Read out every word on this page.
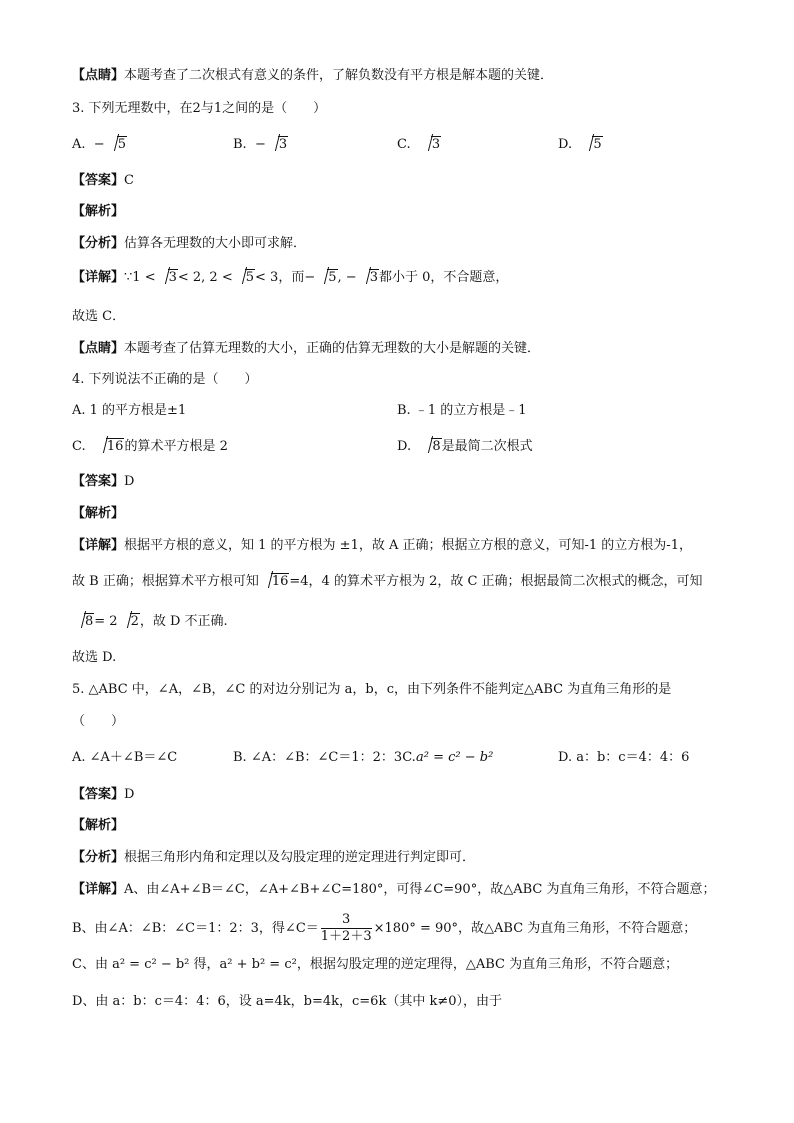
【点睛】本题考查了二次根式有意义的条件，了解负数没有平方根是解本题的关键．
3. 下列无理数中，在2与1之间的是（　　）
A. − 5	B. − 3	C. 3	D. 5
【答案】C
【解析】
【分析】估算各无理数的大小即可求解．
【详解】∵1 < 3< 2, 2 < 5< 3，而− 5, − 3都小于 0，不合题意，
故选 C．
【点睛】本题考查了估算无理数的大小，正确的估算无理数的大小是解题的关键．
4. 下列说法不正确的是（　　）
A. 1 的平方根是±1	B. ﹣1 的立方根是﹣1
C. 16的算术平方根是 2	D. 8是最简二次根式
【答案】D
【解析】
【详解】根据平方根的意义，知 1 的平方根为 ±1，故 A 正确；根据立方根的意义，可知-1 的立方根为-1，
故 B 正确；根据算术平方根可知 16=4，4 的算术平方根为 2，故 C 正确；根据最简二次根式的概念，可知
8= 2 2，故 D 不正确.
故选 D.
5. △ABC 中，∠A，∠B，∠C 的对边分别记为 a，b，c，由下列条件不能判定△ABC 为直角三角形的是
（　　）
A. ∠A＋∠B＝∠C	B. ∠A：∠B：∠C＝1：2：3C. a² = c² − b²	D. a：b：c＝4：4：6
【答案】D
【解析】
【分析】根据三角形内角和定理以及勾股定理的逆定理进行判定即可．
【详解】A、由∠A+∠B＝∠C，∠A+∠B+∠C=180°，可得∠C=90°，故△ABC 为直角三角形，不符合题意；
B、由∠A：∠B：∠C＝1：2：3，得∠C＝ $\frac{3}{1+2+3} \times 180^\circ = 90^\circ$，故△ABC 为直角三角形，不符合题意；
C、由 a² = c² − b² 得，a² + b² = c²，根据勾股定理的逆定理得，△ABC 为直角三角形，不符合题意；
D、由 a：b：c＝4：4：6，设 a=4k，b=4k，c=6k（其中 k≠0），由于
